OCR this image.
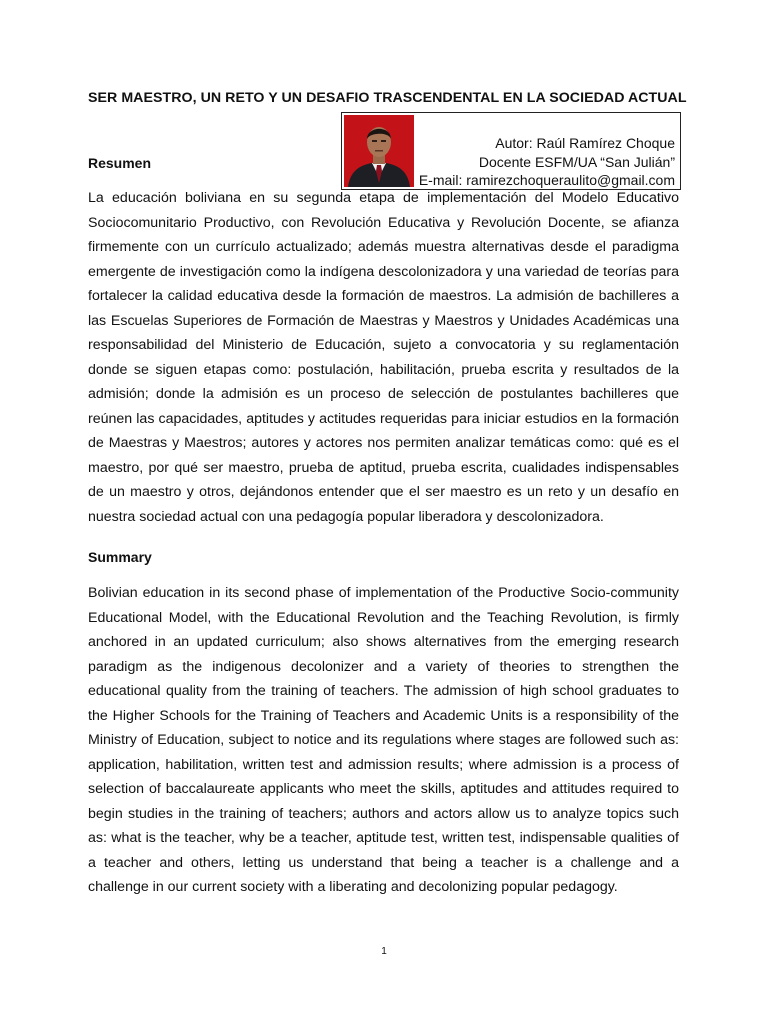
SER MAESTRO, UN RETO Y UN DESAFIO TRASCENDENTAL EN LA SOCIEDAD ACTUAL
Autor: Raúl Ramírez Choque
Docente ESFM/UA “San Julián”
E-mail: ramirezchoqueraulito@gmail.com
Resumen
La educación boliviana en su segunda etapa de implementación del Modelo Educativo Sociocomunitario Productivo, con Revolución Educativa y Revolución Docente, se afianza firmemente con un currículo actualizado; además muestra alternativas desde el paradigma emergente de investigación como la indígena descolonizadora y una variedad de teorías para fortalecer la calidad educativa desde la formación de maestros. La admisión de bachilleres a las Escuelas Superiores de Formación de Maestras y Maestros y Unidades Académicas una responsabilidad del Ministerio de Educación, sujeto a convocatoria y su reglamentación donde se siguen etapas como: postulación, habilitación, prueba escrita y resultados de la admisión; donde la admisión es un proceso de selección de postulantes bachilleres que reúnen las capacidades, aptitudes y actitudes requeridas para iniciar estudios en la formación de Maestras y Maestros; autores y actores nos permiten analizar temáticas como: qué es el maestro, por qué ser maestro, prueba de aptitud, prueba escrita, cualidades indispensables de un maestro y otros, dejándonos entender que el ser maestro es un reto y un desafío en nuestra sociedad actual con una pedagogía popular liberadora y descolonizadora.
Summary
Bolivian education in its second phase of implementation of the Productive Socio-community Educational Model, with the Educational Revolution and the Teaching Revolution, is firmly anchored in an updated curriculum; also shows alternatives from the emerging research paradigm as the indigenous decolonizer and a variety of theories to strengthen the educational quality from the training of teachers. The admission of high school graduates to the Higher Schools for the Training of Teachers and Academic Units is a responsibility of the Ministry of Education, subject to notice and its regulations where stages are followed such as: application, habilitation, written test and admission results; where admission is a process of selection of baccalaureate applicants who meet the skills, aptitudes and attitudes required to begin studies in the training of teachers; authors and actors allow us to analyze topics such as: what is the teacher, why be a teacher, aptitude test, written test, indispensable qualities of a teacher and others, letting us understand that being a teacher is a challenge and a challenge in our current society with a liberating and decolonizing popular pedagogy.
1
